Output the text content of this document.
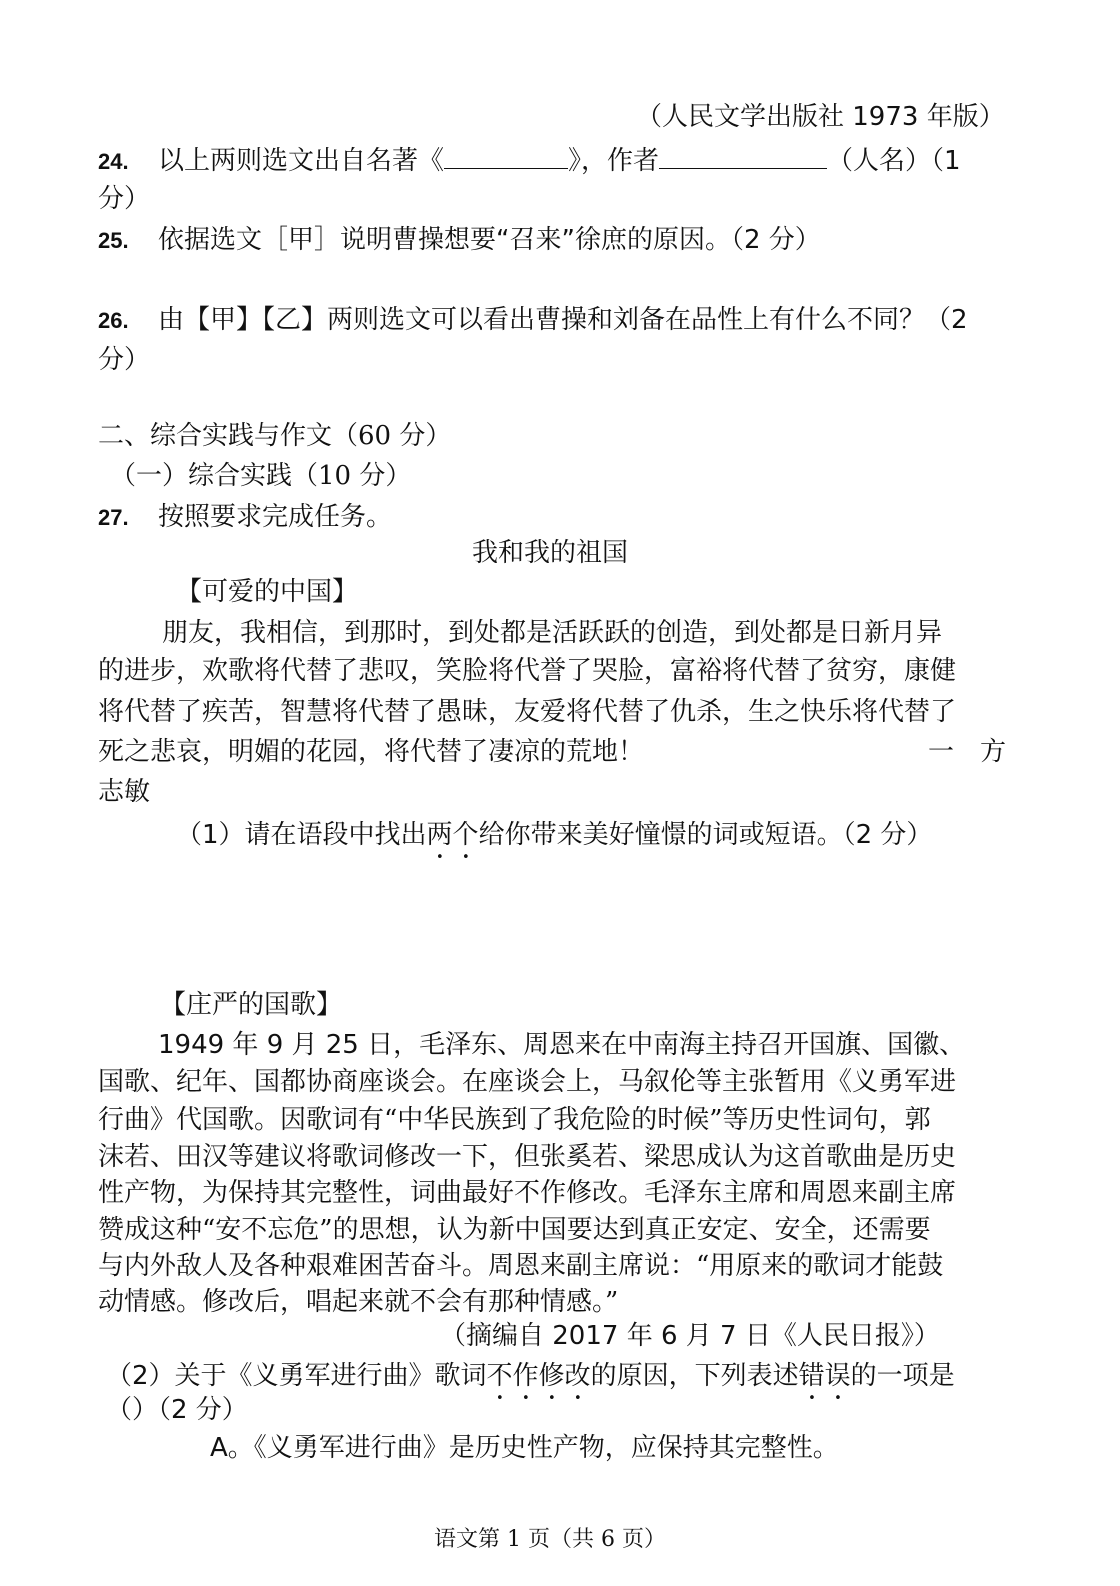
（人民文学出版社 1973 年版）
24. 以上两则选文出自名著《	》，作者	（人名）（1
分）
25. 依据选文［甲］说明曹操想要“召来”徐庶的原因。（2 分）
26. 由【甲】【乙】两则选文可以看出曹操和刘备在品性上有什么不同？（2
分）
二、综合实践与作文（60 分）
（一）综合实践（10 分）
27. 按照要求完成任务。
我和我的祖国
【可爱的中国】
朋友，我相信，到那时，到处都是活跃跃的创造，到处都是日新月异
的进步，欢歌将代替了悲叹，笑脸将代誉了哭脸，富裕将代替了贫穷，康健
将代替了疾苦，智慧将代替了愚昧，友爱将代替了仇杀，生之快乐将代替了
死之悲哀，明媚的花园，将代替了凄凉的荒地！	一　方
志敏
（1）请在语段中找出两个给你带来美好憧憬的词或短语。（2 分）
【庄严的国歌】
1949 年 9 月 25 日，毛泽东、周恩来在中南海主持召开国旗、国徽、
国歌、纪年、国都协商座谈会。在座谈会上，马叙伦等主张暂用《义勇军进
行曲》代国歌。因歌词有“中华民族到了我危险的时候”等历史性词句，郭
沫若、田汉等建议将歌词修改一下，但张奚若、梁思成认为这首歌曲是历史
性产物，为保持其完整性，词曲最好不作修改。毛泽东主席和周恩来副主席
赞成这种“安不忘危”的思想，认为新中国要达到真正安定、安全，还需要
与内外敌人及各种艰难困苦奋斗。周恩来副主席说：“用原来的歌词才能鼓
动情感。修改后，唱起来就不会有那种情感。”
（摘编自 2017 年 6 月 7 日《人民日报》）
（2）关于《义勇军进行曲》歌词不作修改的原因，下列表述错误的一项是
（）（2 分）
A。《义勇军进行曲》是历史性产物，应保持其完整性。
语文第 1 页（共 6 页）
